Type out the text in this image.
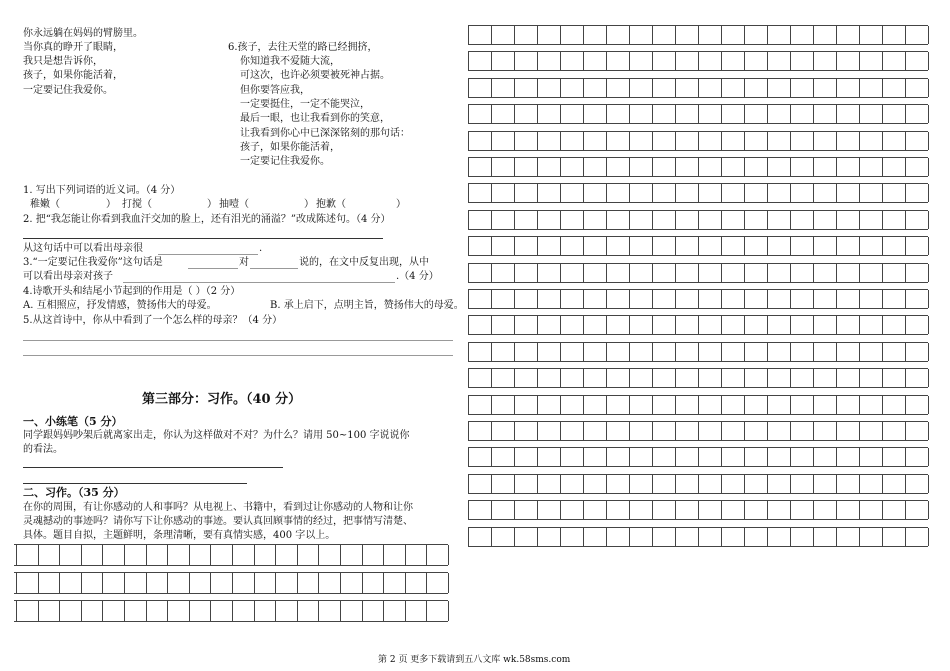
你永远躺在妈妈的臂膀里。
当你真的睁开了眼睛，
我只是想告诉你，
孩子，如果你能活着，
一定要记住我爱你。
6.孩子，去往天堂的路已经拥挤，
你知道我不爱随大流，
可这次，也许必须要被死神占据。
但你要答应我，
一定要挺住，一定不能哭泣，
最后一眼，也让我看到你的笑意，
让我看到你心中已深深铭刻的那句话：
孩子，如果你能活着，
一定要记住我爱你。
1. 写出下列词语的近义词。（4 分）
稚嫩（	） 打搅（	） 抽噎（	） 抱歉（	）
2. 把“我怎能让你看到我血汗交加的脸上，还有泪光的涌溢？”改成陈述句。（4 分）
从这句话中可以看出母亲很	.
3.“一定要记住我爱你”这句话是	对	说的，在文中反复出现，从中
可以看出母亲对孩子	.（4 分）
4.诗歌开头和结尾小节起到的作用是（ ）（2 分）
A. 互相照应，抒发情感，赞扬伟大的母爱。	B. 承上启下，点明主旨，赞扬伟大的母爱。
5.从这首诗中，你从中看到了一个怎么样的母亲？（4 分）
第三部分：习作。（40 分）
一、小练笔（5 分）
同学跟妈妈吵架后就离家出走，你认为这样做对不对？为什么？请用 50~100 字说说你
的看法。
二、习作。（35 分）
在你的周围，有让你感动的人和事吗？从电视上、书籍中，看到过让你感动的人物和让你
灵魂撼动的事迹吗？请你写下让你感动的事迹。要认真回顾事情的经过，把事情写清楚、
具体。题目自拟，主题鲜明，条理清晰，要有真情实感，400 字以上。
第 2 页 更多下载请到五八文库 wk.58sms.com
